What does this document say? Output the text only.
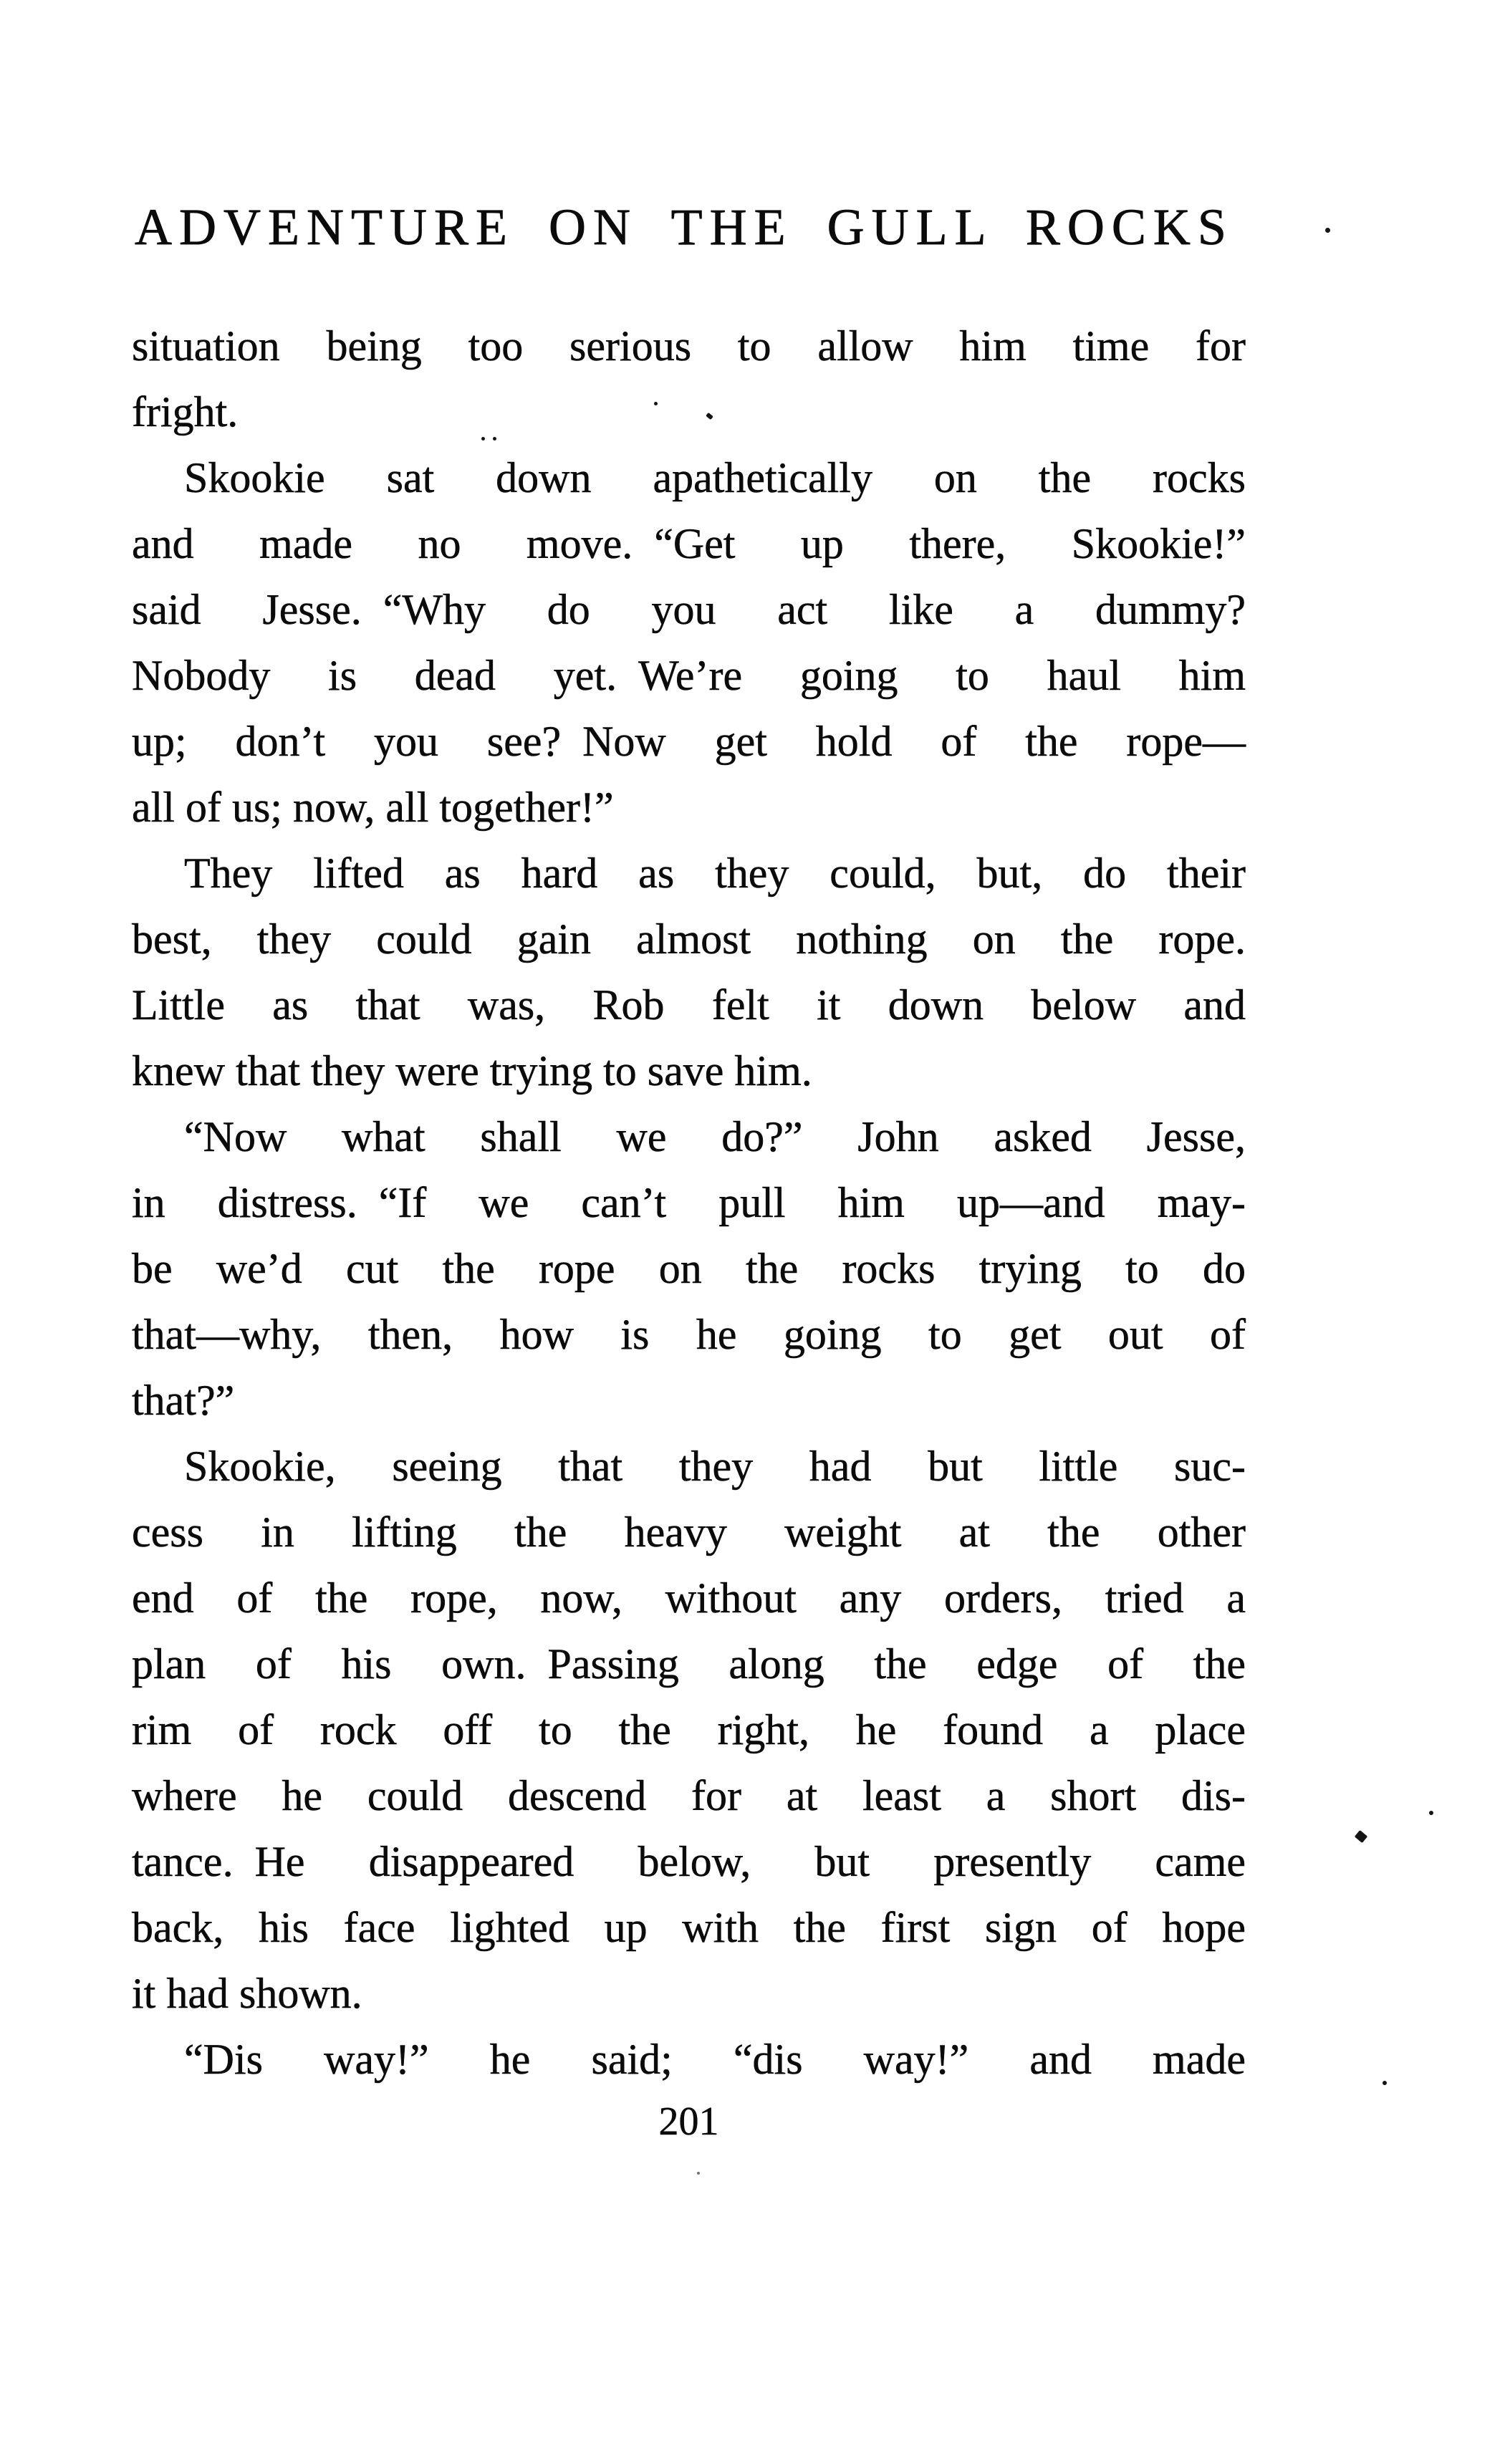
ADVENTURE ON THE GULL ROCKS
situation being too serious to allow him time for
fright.
Skookie sat down apathetically on the rocks
and made no move. “Get up there, Skookie!”
said Jesse. “Why do you act like a dummy?
Nobody is dead yet. We’re going to haul him
up; don’t you see? Now get hold of the rope—
all of us; now, all together!”
They lifted as hard as they could, but, do their
best, they could gain almost nothing on the rope.
Little as that was, Rob felt it down below and
knew that they were trying to save him.
“Now what shall we do?” John asked Jesse,
in distress. “If we can’t pull him up—and may-
be we’d cut the rope on the rocks trying to do
that—why, then, how is he going to get out of
that?”
Skookie, seeing that they had but little suc-
cess in lifting the heavy weight at the other
end of the rope, now, without any orders, tried a
plan of his own. Passing along the edge of the
rim of rock off to the right, he found a place
where he could descend for at least a short dis-
tance. He disappeared below, but presently came
back, his face lighted up with the first sign of hope
it had shown.
“Dis way!” he said; “dis way!” and made
201
